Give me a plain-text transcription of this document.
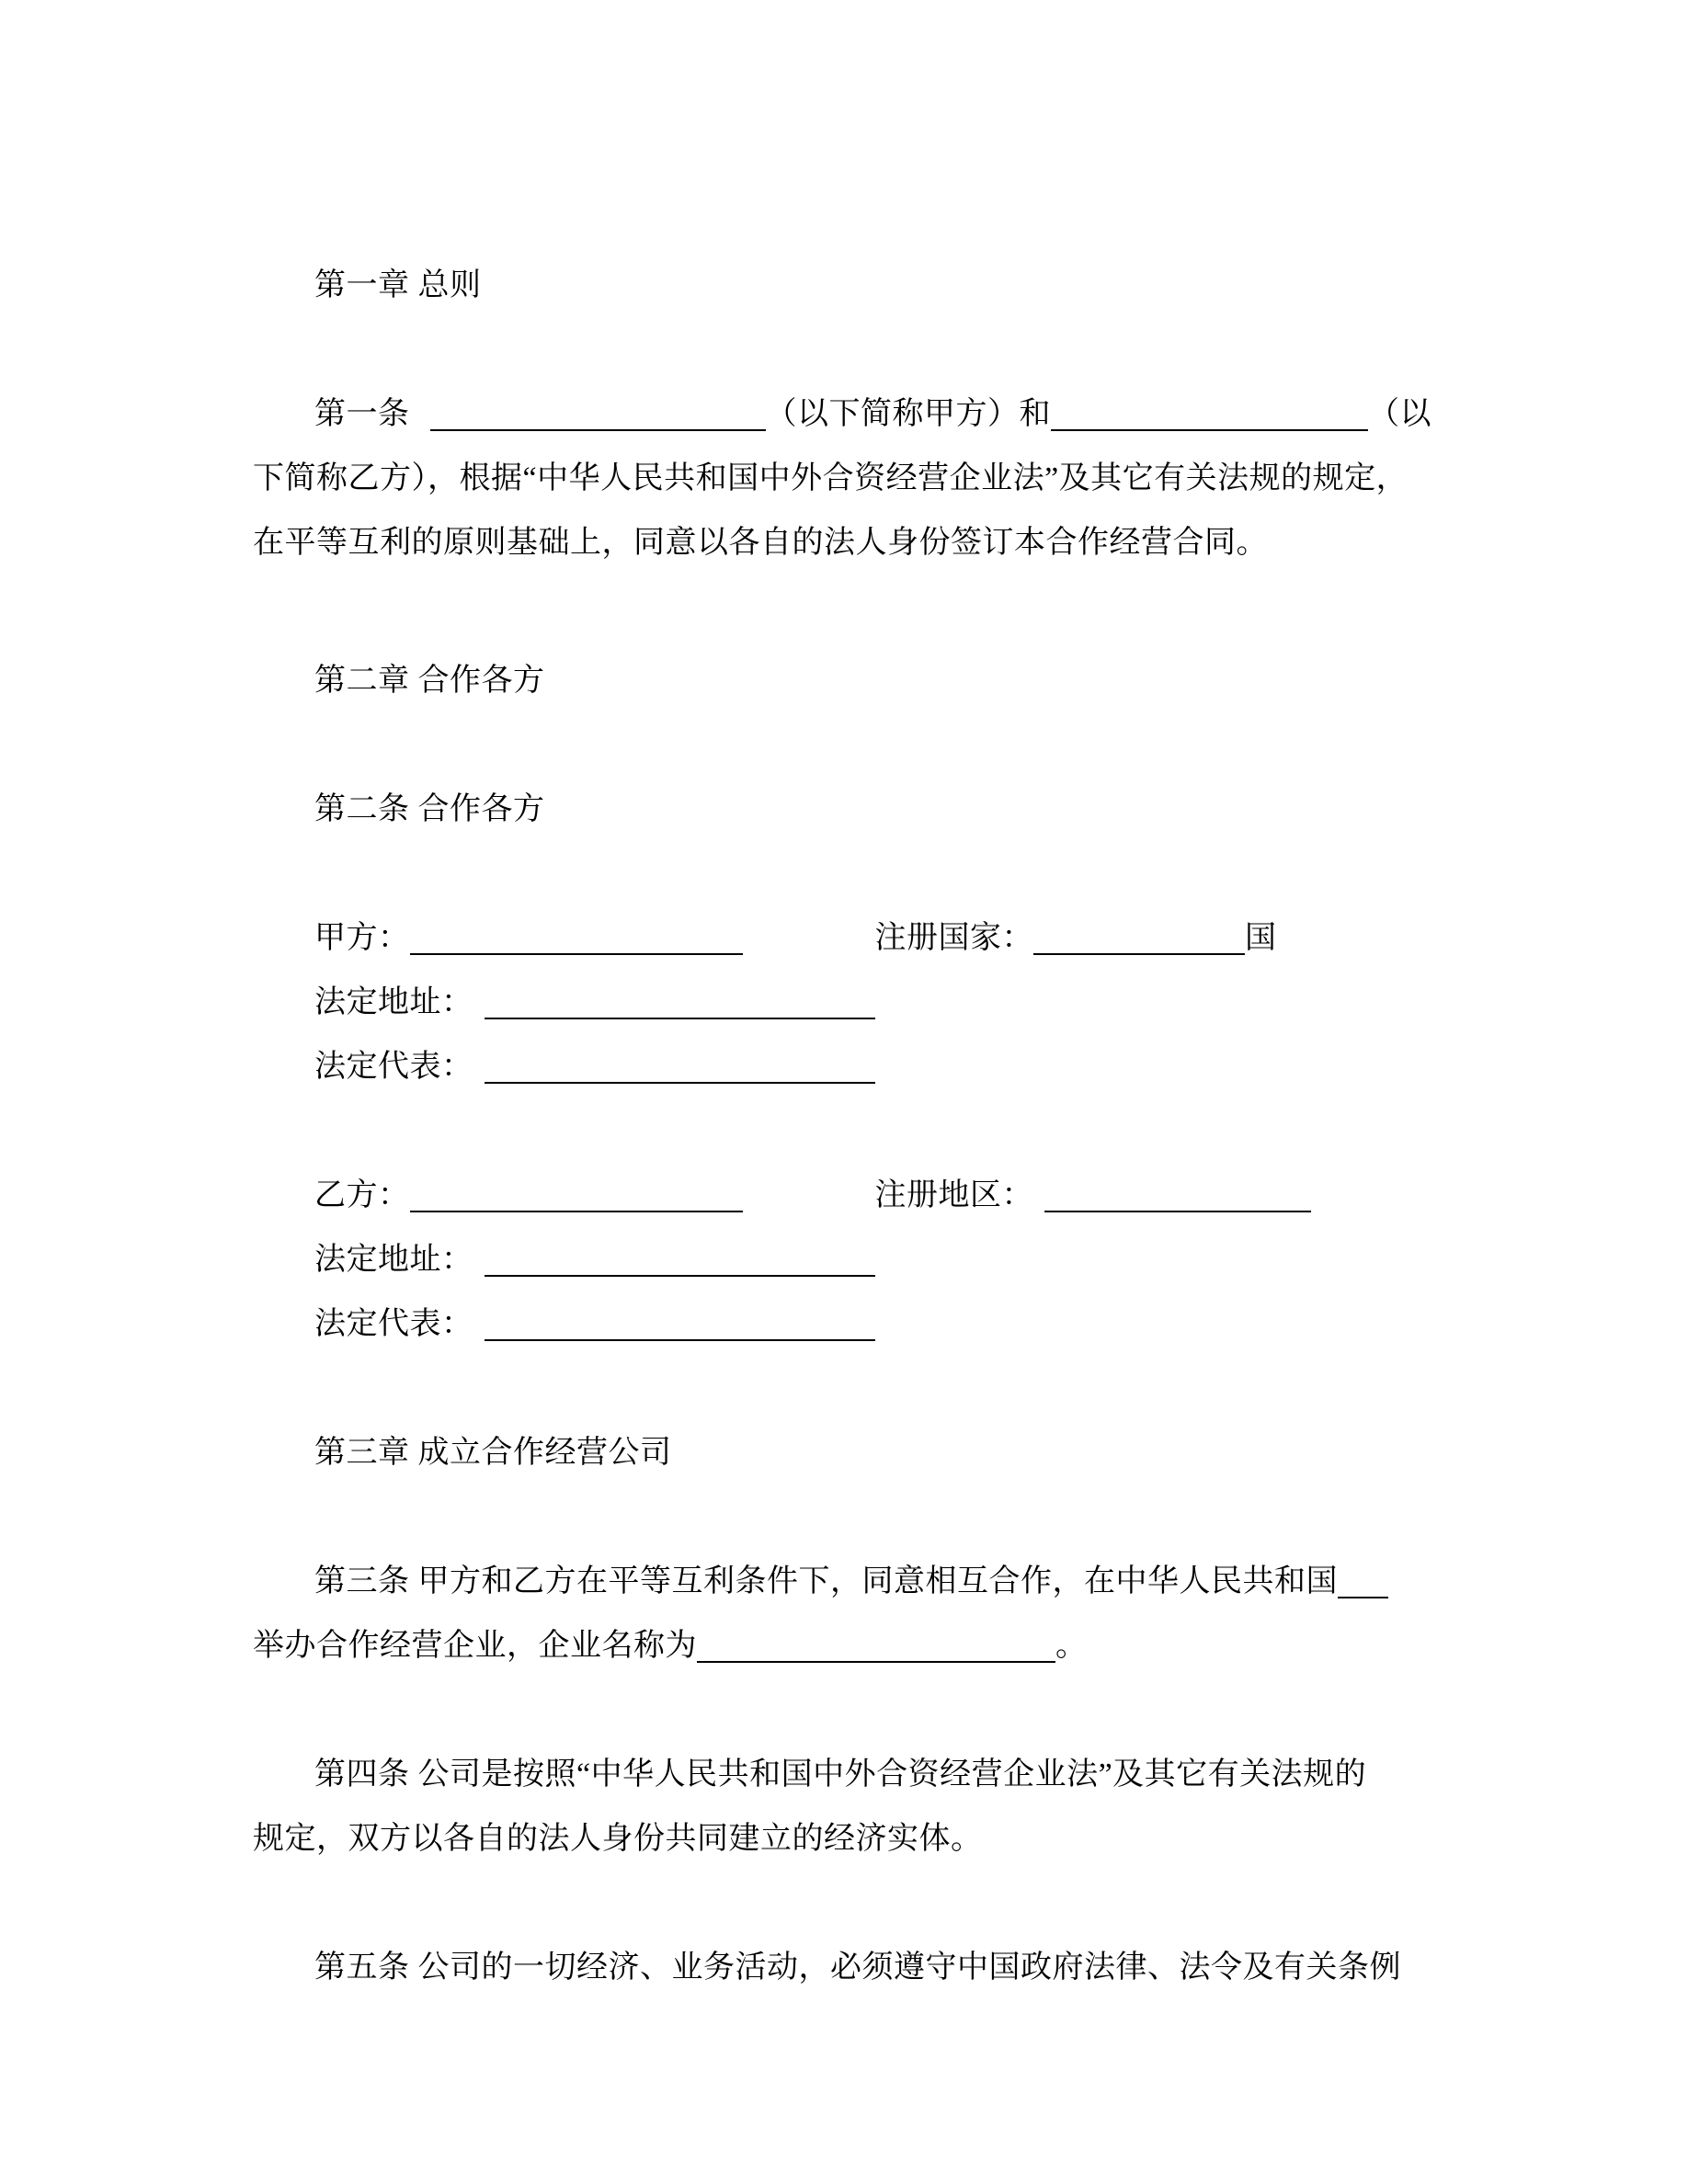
第一章 总则
第一条	（以下简称甲方）和	（以
下简称乙方），根据“中华人民共和国中外合资经营企业法”及其它有关法规的规定，
在平等互利的原则基础上，同意以各自的法人身份签订本合作经营合同。
第二章 合作各方
第二条 合作各方
甲方：	注册国家：	国
法定地址：
法定代表：
乙方：	注册地区：
法定地址：
法定代表：
第三章 成立合作经营公司
第三条 甲方和乙方在平等互利条件下，同意相互合作，在中华人民共和国
举办合作经营企业，企业名称为	。
第四条 公司是按照“中华人民共和国中外合资经营企业法”及其它有关法规的
规定，双方以各自的法人身份共同建立的经济实体。
第五条 公司的一切经济、业务活动，必须遵守中国政府法律、法令及有关条例
